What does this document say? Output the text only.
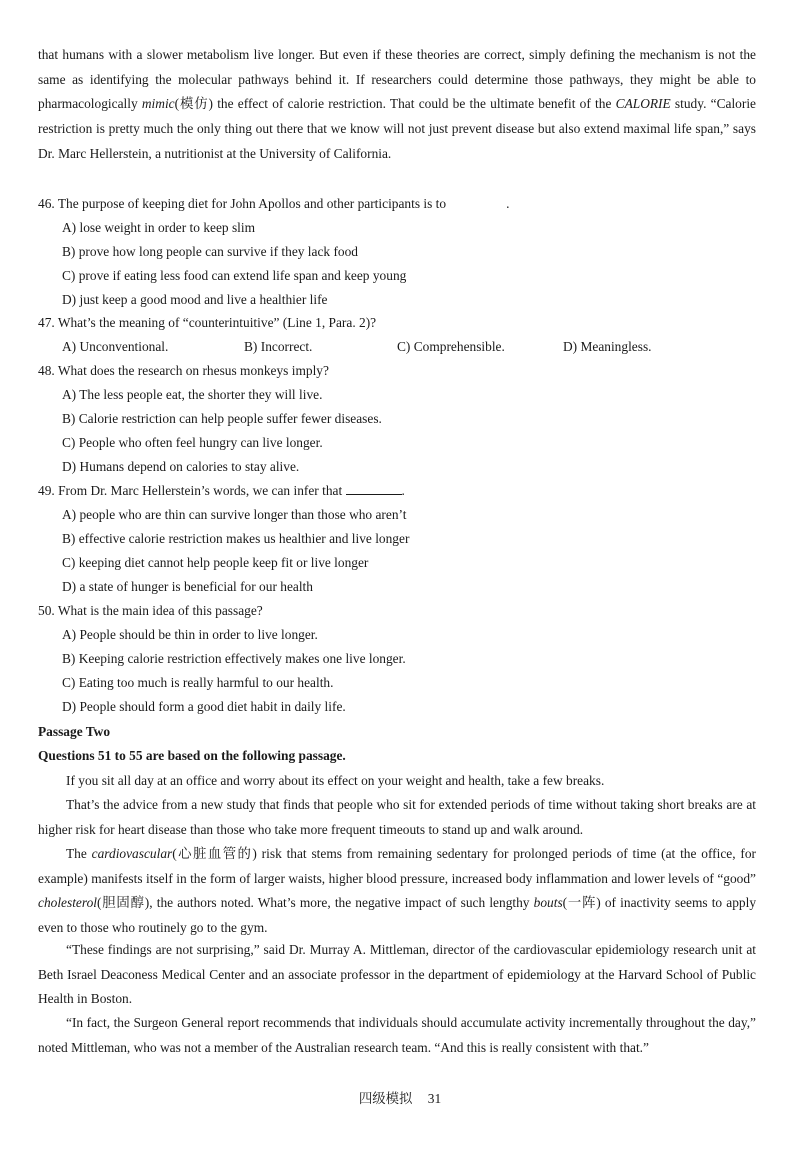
that humans with a slower metabolism live longer. But even if these theories are correct, simply defining the mechanism is not the same as identifying the molecular pathways behind it. If researchers could determine those pathways, they might be able to pharmacologically mimic(模仿) the effect of calorie restriction. That could be the ultimate benefit of the CALORIE study. “Calorie restriction is pretty much the only thing out there that we know will not just prevent disease but also extend maximal life span,” says Dr. Marc Hellerstein, a nutritionist at the University of California.

46. The purpose of keeping diet for John Apollos and other participants is to	.

A) lose weight in order to keep slim

B) prove how long people can survive if they lack food

C) prove if eating less food can extend life span and keep young

D) just keep a good mood and live a healthier life

47. What’s the meaning of “counterintuitive” (Line 1, Para. 2)?

A) Unconventional.	B) Incorrect.	C) Comprehensible.	D) Meaningless.

48. What does the research on rhesus monkeys imply?

A) The less people eat, the shorter they will live.

B) Calorie restriction can help people suffer fewer diseases.

C) People who often feel hungry can live longer.

D) Humans depend on calories to stay alive.

49. From Dr. Marc Hellerstein’s words, we can infer that	.

A) people who are thin can survive longer than those who aren’t

B) effective calorie restriction makes us healthier and live longer

C) keeping diet cannot help people keep fit or live longer

D) a state of hunger is beneficial for our health

50. What is the main idea of this passage?

A) People should be thin in order to live longer.

B) Keeping calorie restriction effectively makes one live longer.

C) Eating too much is really harmful to our health.

D) People should form a good diet habit in daily life.

Passage Two

Questions 51 to 55 are based on the following passage.

If you sit all day at an office and worry about its effect on your weight and health, take a few breaks.

That’s the advice from a new study that finds that people who sit for extended periods of time without taking short breaks are at higher risk for heart disease than those who take more frequent timeouts to stand up and walk around.

The cardiovascular(心脏血管的) risk that stems from remaining sedentary for prolonged periods of time (at the office, for example) manifests itself in the form of larger waists, higher blood pressure, increased body inflammation and lower levels of “good” cholesterol(胆固醇), the authors noted. What’s more, the negative impact of such lengthy bouts(一阵) of inactivity seems to apply even to those who routinely go to the gym.

“These findings are not surprising,” said Dr. Murray A. Mittleman, director of the cardiovascular epidemiology research unit at Beth Israel Deaconess Medical Center and an associate professor in the department of epidemiology at the Harvard School of Public Health in Boston.

“In fact, the Surgeon General report recommends that individuals should accumulate activity incrementally throughout the day,” noted Mittleman, who was not a member of the Australian research team. “And this is really consistent with that.”

四级模拟 31
